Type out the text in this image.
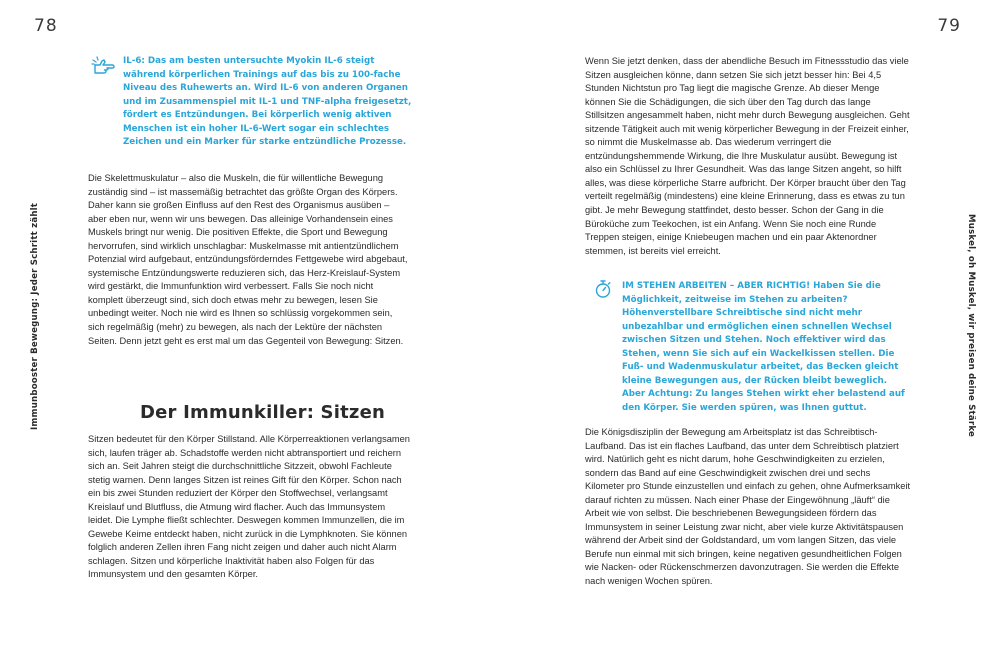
78	79
Immunbooster Bewegung: Jeder Schritt zählt	Muskel, oh Muskel, wir preisen deine Stärke
IL-6: Das am besten untersuchte Myokin IL-6 steigt während körperlichen Trainings auf das bis zu 100-fache Niveau des Ruhewerts an. Wird IL-6 von anderen Organen und im Zusammenspiel mit IL-1 und TNF-alpha freigesetzt, fördert es Entzündungen. Bei körperlich wenig aktiven Menschen ist ein hoher IL-6-Wert sogar ein schlechtes Zeichen und ein Marker für starke entzündliche Prozesse.

Die Skelettmuskulatur – also die Muskeln, die für willentliche Bewegung zuständig sind – ist massemäßig betrachtet das größte Organ des Körpers. Daher kann sie großen Einfluss auf den Rest des Organismus ausüben – aber eben nur, wenn wir uns bewegen. Das alleinige Vorhandensein eines Muskels bringt nur wenig. Die positiven Effekte, die Sport und Bewegung hervorrufen, sind wirklich unschlagbar: Muskelmasse mit antientzündlichem Potenzial wird aufgebaut, entzündungsförderndes Fettgewebe wird abgebaut, systemische Entzündungswerte reduzieren sich, das Herz-Kreislauf-System wird gestärkt, die Immunfunktion wird verbessert. Falls Sie noch nicht komplett überzeugt sind, sich doch etwas mehr zu bewegen, lesen Sie unbedingt weiter. Noch nie wird es Ihnen so schlüssig vorgekommen sein, sich regelmäßig (mehr) zu bewegen, als nach der Lektüre der nächsten Seiten. Denn jetzt geht es erst mal um das Gegenteil von Bewegung: Sitzen.

Der Immunkiller: Sitzen

Sitzen bedeutet für den Körper Stillstand. Alle Körperreaktionen verlangsamen sich, laufen träger ab. Schadstoffe werden nicht abtransportiert und reichern sich an. Seit Jahren steigt die durchschnittliche Sitzzeit, obwohl Fachleute stetig warnen. Denn langes Sitzen ist reines Gift für den Körper. Schon nach ein bis zwei Stunden reduziert der Körper den Stoffwechsel, verlangsamt Kreislauf und Blutfluss, die Atmung wird flacher. Auch das Immunsystem leidet. Die Lymphe fließt schlechter. Deswegen kommen Immunzellen, die im Gewebe Keime entdeckt haben, nicht zurück in die Lymphknoten. Sie können folglich anderen Zellen ihren Fang nicht zeigen und daher auch nicht Alarm schlagen. Sitzen und körperliche Inaktivität haben also Folgen für das Immunsystem und den gesamten Körper.

Wenn Sie jetzt denken, dass der abendliche Besuch im Fitnessstudio das viele Sitzen ausgleichen könne, dann setzen Sie sich jetzt besser hin: Bei 4,5 Stunden Nichtstun pro Tag liegt die magische Grenze. Ab dieser Menge können Sie die Schädigungen, die sich über den Tag durch das lange Stillsitzen angesammelt haben, nicht mehr durch Bewegung ausgleichen. Geht sitzende Tätigkeit auch mit wenig körperlicher Bewegung in der Freizeit einher, so nimmt die Muskelmasse ab. Das wiederum verringert die entzündungshemmende Wirkung, die Ihre Muskulatur ausübt. Bewegung ist also ein Schlüssel zu Ihrer Gesundheit. Was das lange Sitzen angeht, so hilft alles, was diese körperliche Starre aufbricht. Der Körper braucht über den Tag verteilt regelmäßig (mindestens) eine kleine Erinnerung, dass es etwas zu tun gibt. Je mehr Bewegung stattfindet, desto besser. Schon der Gang in die Büroküche zum Teekochen, ist ein Anfang. Wenn Sie noch eine Runde Treppen steigen, einige Kniebeugen machen und ein paar Aktenordner stemmen, ist bereits viel erreicht.

IM STEHEN ARBEITEN – ABER RICHTIG! Haben Sie die Möglichkeit, zeitweise im Stehen zu arbeiten? Höhenverstellbare Schreibtische sind nicht mehr unbezahlbar und ermöglichen einen schnellen Wechsel zwischen Sitzen und Stehen. Noch effektiver wird das Stehen, wenn Sie sich auf ein Wackelkissen stellen. Die Fuß- und Wadenmuskulatur arbeitet, das Becken gleicht kleine Bewegungen aus, der Rücken bleibt beweglich. Aber Achtung: Zu langes Stehen wirkt eher belastend auf den Körper. Sie werden spüren, was Ihnen guttut.

Die Königsdisziplin der Bewegung am Arbeitsplatz ist das Schreibtisch-Laufband. Das ist ein flaches Laufband, das unter dem Schreibtisch platziert wird. Natürlich geht es nicht darum, hohe Geschwindigkeiten zu erzielen, sondern das Band auf eine Geschwindigkeit zwischen drei und sechs Kilometer pro Stunde einzustellen und einfach zu gehen, ohne Aufmerksamkeit darauf richten zu müssen. Nach einer Phase der Eingewöhnung „läuft“ die Arbeit wie von selbst. Die beschriebenen Bewegungsideen fördern das Immunsystem in seiner Leistung zwar nicht, aber viele kurze Aktivitätspausen während der Arbeit sind der Goldstandard, um vom langen Sitzen, das viele Berufe nun einmal mit sich bringen, keine negativen gesundheitlichen Folgen wie Nacken- oder Rückenschmerzen davonzutragen. Sie werden die Effekte nach wenigen Wochen spüren.
